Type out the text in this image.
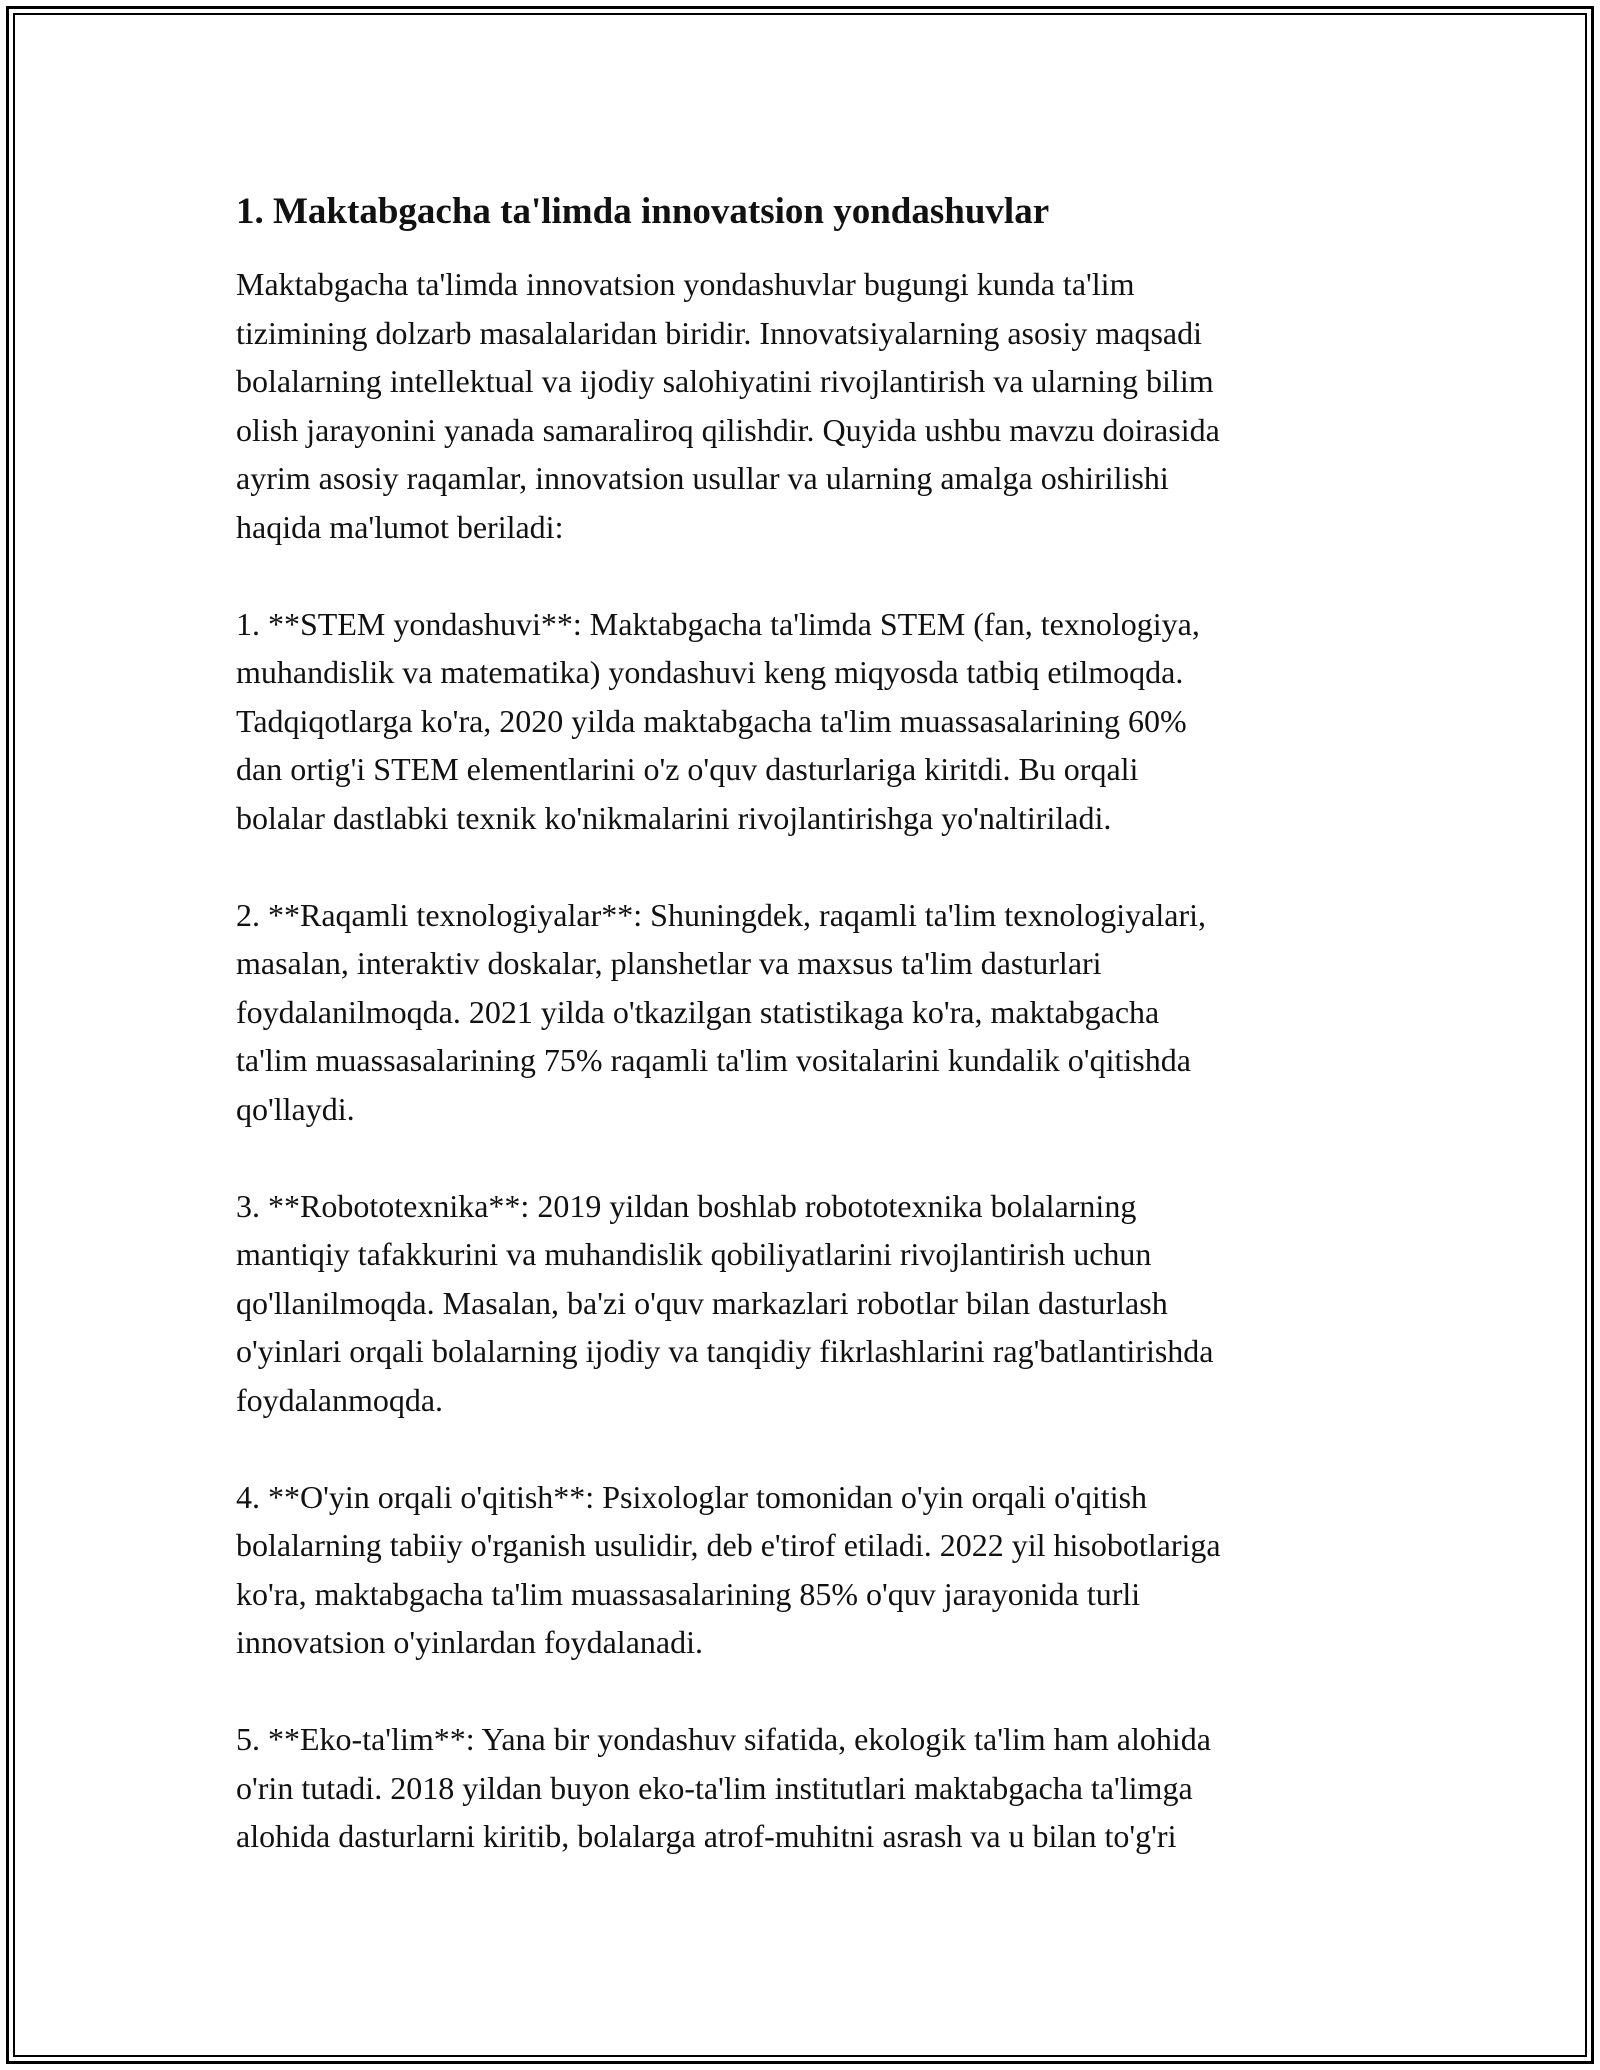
1. Maktabgacha ta'limda innovatsion yondashuvlar

Maktabgacha ta'limda innovatsion yondashuvlar bugungi kunda ta'lim
tizimining dolzarb masalalaridan biridir. Innovatsiyalarning asosiy maqsadi
bolalarning intellektual va ijodiy salohiyatini rivojlantirish va ularning bilim
olish jarayonini yanada samaraliroq qilishdir. Quyida ushbu mavzu doirasida
ayrim asosiy raqamlar, innovatsion usullar va ularning amalga oshirilishi
haqida ma'lumot beriladi:

1. **STEM yondashuvi**: Maktabgacha ta'limda STEM (fan, texnologiya,
muhandislik va matematika) yondashuvi keng miqyosda tatbiq etilmoqda.
Tadqiqotlarga ko'ra, 2020 yilda maktabgacha ta'lim muassasalarining 60%
dan ortig'i STEM elementlarini o'z o'quv dasturlariga kiritdi. Bu orqali
bolalar dastlabki texnik ko'nikmalarini rivojlantirishga yo'naltiriladi.

2. **Raqamli texnologiyalar**: Shuningdek, raqamli ta'lim texnologiyalari,
masalan, interaktiv doskalar, planshetlar va maxsus ta'lim dasturlari
foydalanilmoqda. 2021 yilda o'tkazilgan statistikaga ko'ra, maktabgacha
ta'lim muassasalarining 75% raqamli ta'lim vositalarini kundalik o'qitishda
qo'llaydi.

3. **Robototexnika**: 2019 yildan boshlab robototexnika bolalarning
mantiqiy tafakkurini va muhandislik qobiliyatlarini rivojlantirish uchun
qo'llanilmoqda. Masalan, ba'zi o'quv markazlari robotlar bilan dasturlash
o'yinlari orqali bolalarning ijodiy va tanqidiy fikrlashlarini rag'batlantirishda
foydalanmoqda.

4. **O'yin orqali o'qitish**: Psixologlar tomonidan o'yin orqali o'qitish
bolalarning tabiiy o'rganish usulidir, deb e'tirof etiladi. 2022 yil hisobotlariga
ko'ra, maktabgacha ta'lim muassasalarining 85% o'quv jarayonida turli
innovatsion o'yinlardan foydalanadi.

5. **Eko-ta'lim**: Yana bir yondashuv sifatida, ekologik ta'lim ham alohida
o'rin tutadi. 2018 yildan buyon eko-ta'lim institutlari maktabgacha ta'limga
alohida dasturlarni kiritib, bolalarga atrof-muhitni asrash va u bilan to'g'ri
